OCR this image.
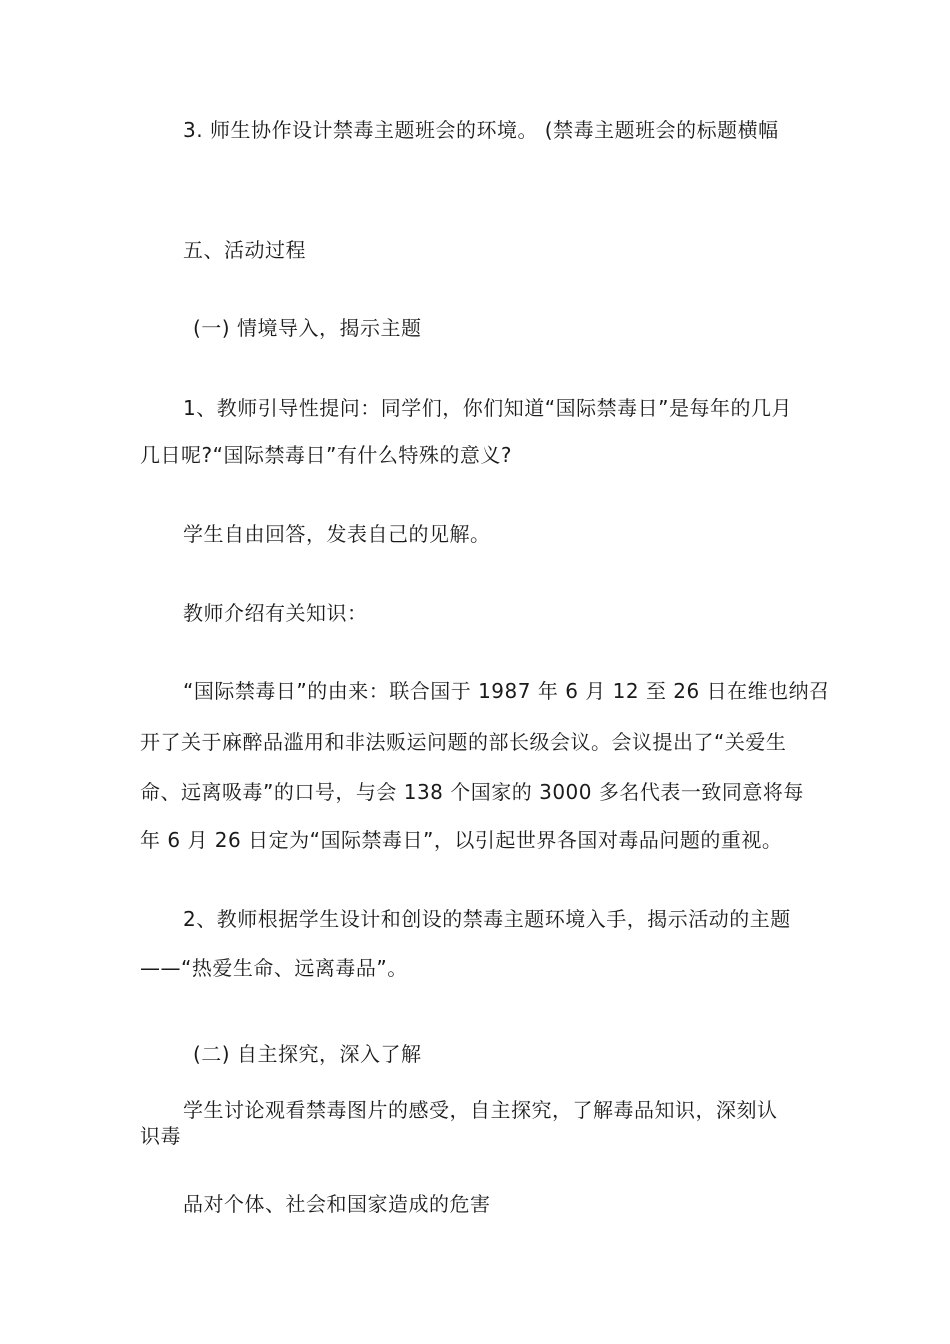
3. 师生协作设计禁毒主题班会的环境。 (禁毒主题班会的标题横幅
五、活动过程
(一) 情境导入，揭示主题
1、教师引导性提问：同学们，你们知道“国际禁毒日”是每年的几月
几日呢?“国际禁毒日”有什么特殊的意义?
学生自由回答，发表自己的见解。
教师介绍有关知识：
“国际禁毒日”的由来：联合国于 1987 年 6 月 12 至 26 日在维也纳召
开了关于麻醉品滥用和非法贩运问题的部长级会议。会议提出了“关爱生
命、远离吸毒”的口号，与会 138 个国家的 3000 多名代表一致同意将每
年 6 月 26 日定为“国际禁毒日”，以引起世界各国对毒品问题的重视。
2、教师根据学生设计和创设的禁毒主题环境入手，揭示活动的主题
——“热爱生命、远离毒品”。
(二) 自主探究，深入了解
学生讨论观看禁毒图片的感受，自主探究，了解毒品知识，深刻认
识毒
品对个体、社会和国家造成的危害
